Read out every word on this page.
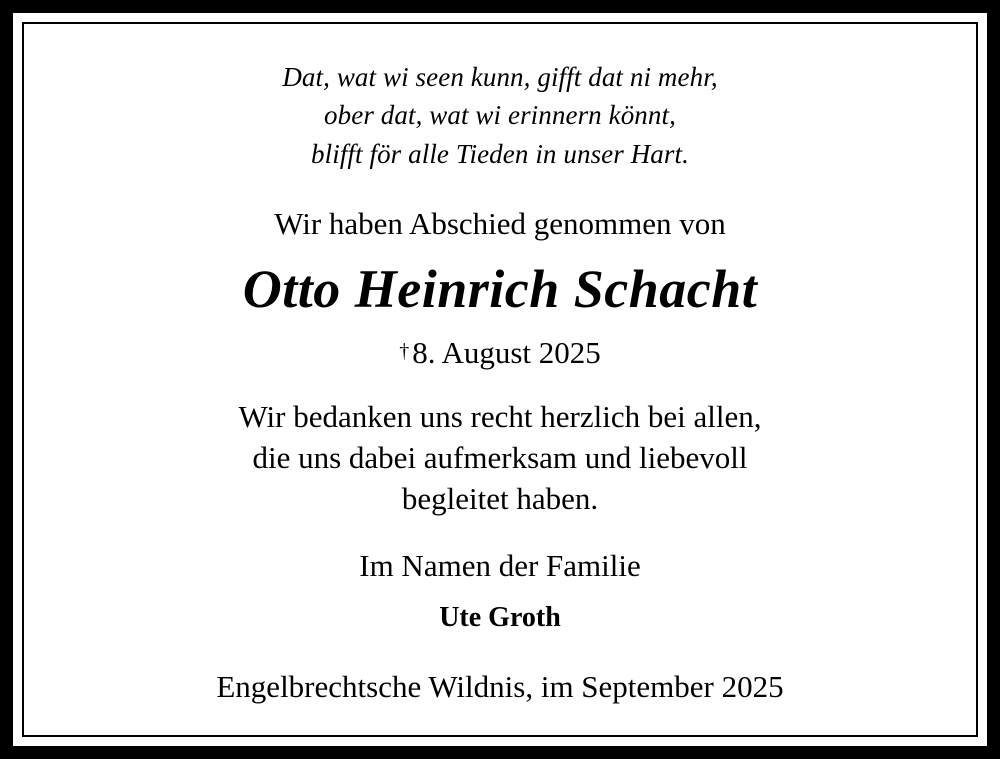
Dat, wat wi seen kunn, gifft dat ni mehr,
ober dat, wat wi erinnern könnt,
blifft för alle Tieden in unser Hart.
Wir haben Abschied genommen von
Otto Heinrich Schacht
†8. August 2025
Wir bedanken uns recht herzlich bei allen,
die uns dabei aufmerksam und liebevoll
begleitet haben.
Im Namen der Familie
Ute Groth
Engelbrechtsche Wildnis, im September 2025
